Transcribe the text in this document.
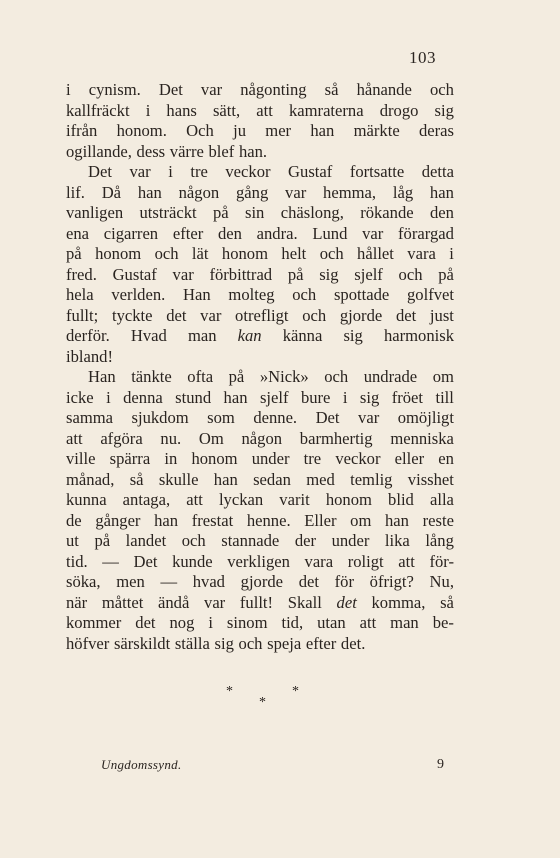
103
i cynism. Det var någonting så hånande och
kallfräckt i hans sätt, att kamraterna drogo sig
ifrån honom. Och ju mer han märkte deras
ogillande, dess värre blef han.
Det var i tre veckor Gustaf fortsatte detta
lif. Då han någon gång var hemma, låg han
vanligen utsträckt på sin chäslong, rökande den
ena cigarren efter den andra. Lund var förargad
på honom och lät honom helt och hållet vara i
fred. Gustaf var förbittrad på sig sjelf och på
hela verlden. Han molteg och spottade golfvet
fullt; tyckte det var otrefligt och gjorde det just
derför. Hvad man kan känna sig harmonisk
ibland!
Han tänkte ofta på »Nick» och undrade om
icke i denna stund han sjelf bure i sig fröet till
samma sjukdom som denne. Det var omöjligt
att afgöra nu. Om någon barmhertig menniska
ville spärra in honom under tre veckor eller en
månad, så skulle han sedan med temlig visshet
kunna antaga, att lyckan varit honom blid alla
de gånger han frestat henne. Eller om han reste
ut på landet och stannade der under lika lång
tid. — Det kunde verkligen vara roligt att för-
söka, men — hvad gjorde det för öfrigt? Nu,
när måttet ändå var fullt! Skall det komma, så
kommer det nog i sinom tid, utan att man be-
höfver särskildt ställa sig och speja efter det.
*	*
*
Ungdomssynd.	9
